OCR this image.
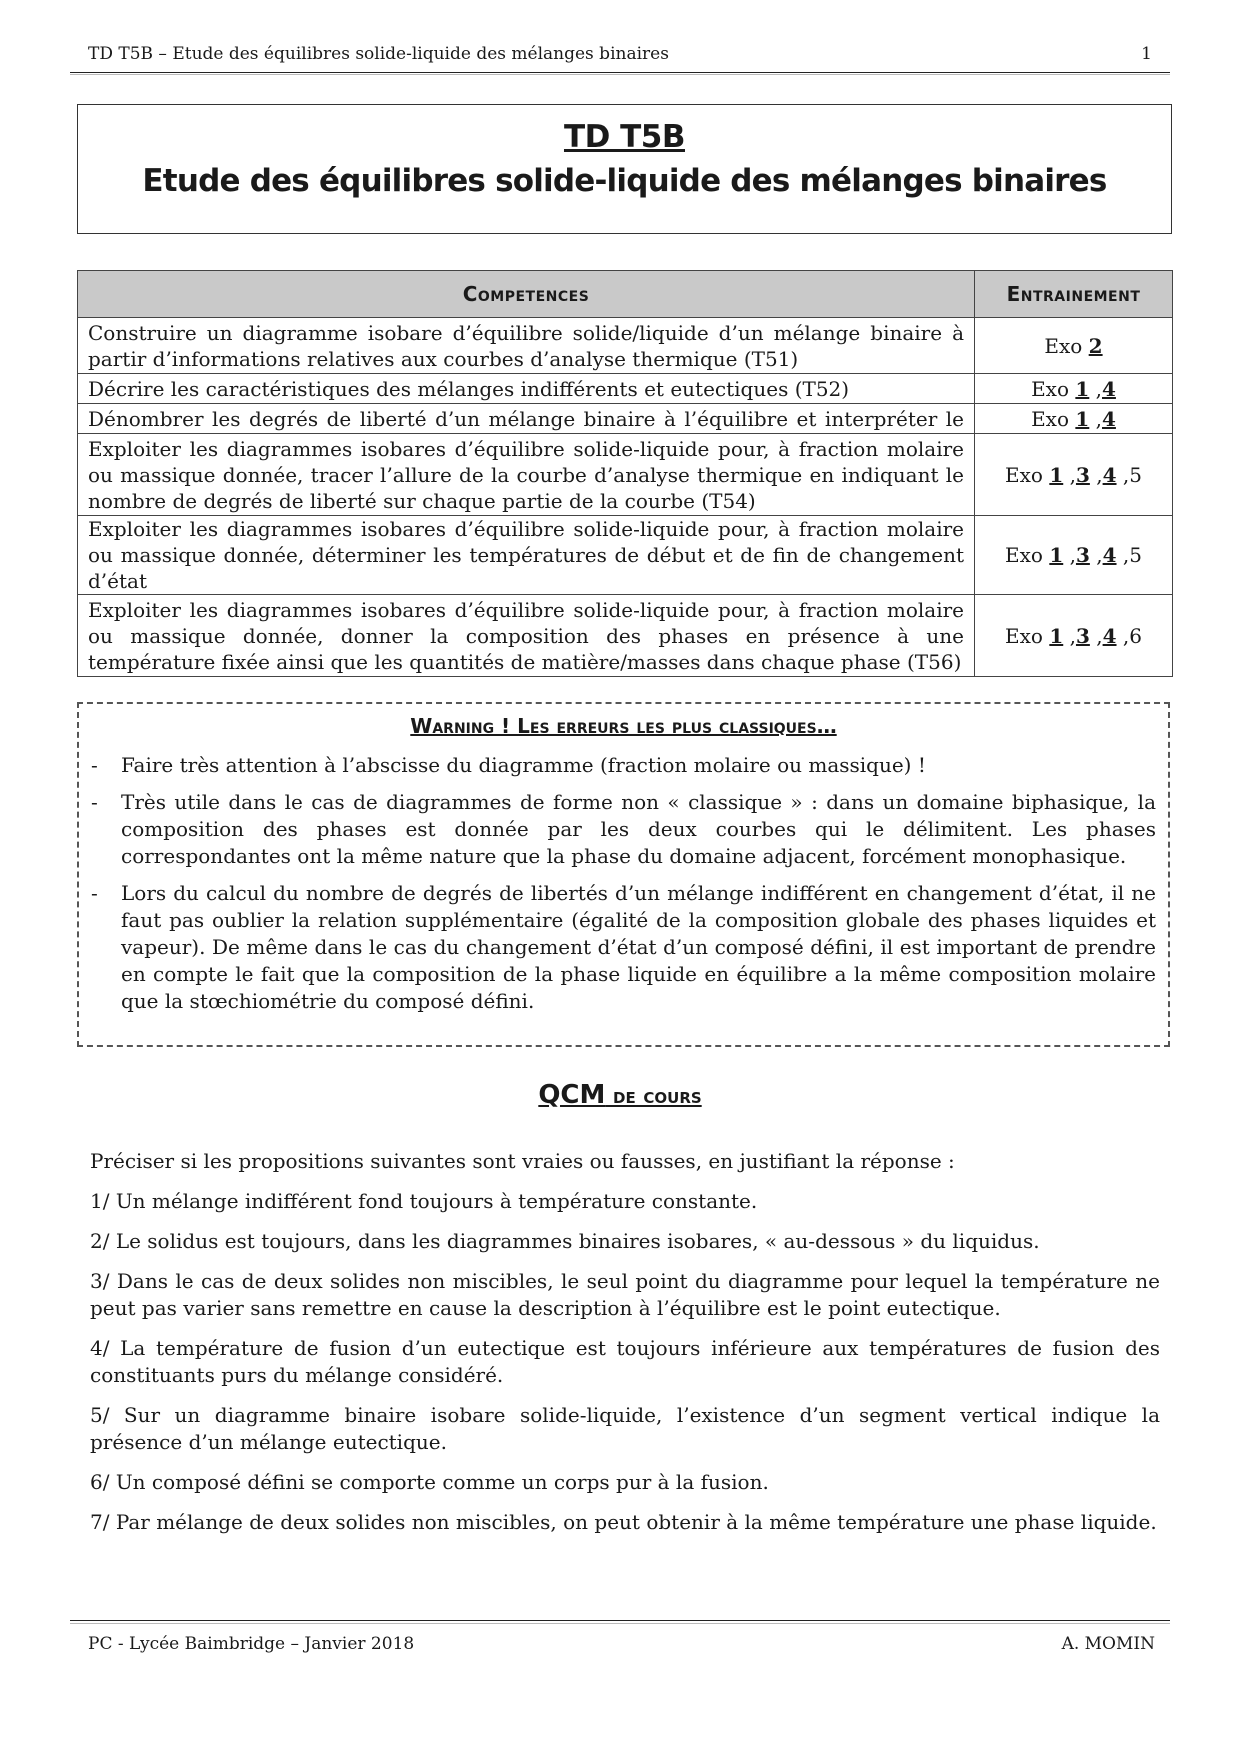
TD T5B – Etude des équilibres solide-liquide des mélanges binaires	1
TD T5B
Etude des équilibres solide-liquide des mélanges binaires
Competences	Entrainement
Construire un diagramme isobare d’équilibre solide/liquide d’un mélange binaire à partir d’informations relatives aux courbes d’analyse thermique (T51)	Exo 2
Décrire les caractéristiques des mélanges indifférents et eutectiques (T52)	Exo 1 ,4

Dénombrer les degrés de liberté d’un mélange binaire à l’équilibre et interpréter le	Exo 1 ,4
Exploiter les diagrammes isobares d’équilibre solide-liquide pour, à fraction molaire ou massique donnée, tracer l’allure de la courbe d’analyse thermique en indiquant le nombre de degrés de liberté sur chaque partie de la courbe (T54)	Exo 1 ,3 ,4 ,5
Exploiter les diagrammes isobares d’équilibre solide-liquide pour, à fraction molaire ou massique donnée, déterminer les températures de début et de fin de changement d’état	Exo 1 ,3 ,4 ,5
Exploiter les diagrammes isobares d’équilibre solide-liquide pour, à fraction molaire ou massique donnée, donner la composition des phases en présence à une température fixée ainsi que les quantités de matière/masses dans chaque phase (T56)	Exo 1 ,3 ,4 ,6
Warning ! Les erreurs les plus classiques…
- Faire très attention à l’abscisse du diagramme (fraction molaire ou massique) !
- Très utile dans le cas de diagrammes de forme non « classique » : dans un domaine biphasique, la composition des phases est donnée par les deux courbes qui le délimitent. Les phases correspondantes ont la même nature que la phase du domaine adjacent, forcément monophasique.
- Lors du calcul du nombre de degrés de libertés d’un mélange indifférent en changement d’état, il ne faut pas oublier la relation supplémentaire (égalité de la composition globale des phases liquides et vapeur). De même dans le cas du changement d’état d’un composé défini, il est important de prendre en compte le fait que la composition de la phase liquide en équilibre a la même composition molaire que la stœchiométrie du composé défini.
QCM de cours

Préciser si les propositions suivantes sont vraies ou fausses, en justifiant la réponse :

1/ Un mélange indifférent fond toujours à température constante.

2/ Le solidus est toujours, dans les diagrammes binaires isobares, « au-dessous » du liquidus.

3/ Dans le cas de deux solides non miscibles, le seul point du diagramme pour lequel la température ne peut pas varier sans remettre en cause la description à l’équilibre est le point eutectique.

4/ La température de fusion d’un eutectique est toujours inférieure aux températures de fusion des constituants purs du mélange considéré.

5/ Sur un diagramme binaire isobare solide-liquide, l’existence d’un segment vertical indique la présence d’un mélange eutectique.

6/ Un composé défini se comporte comme un corps pur à la fusion.

7/ Par mélange de deux solides non miscibles, on peut obtenir à la même température une phase liquide.

PC - Lycée Baimbridge – Janvier 2018	A. MOMIN
